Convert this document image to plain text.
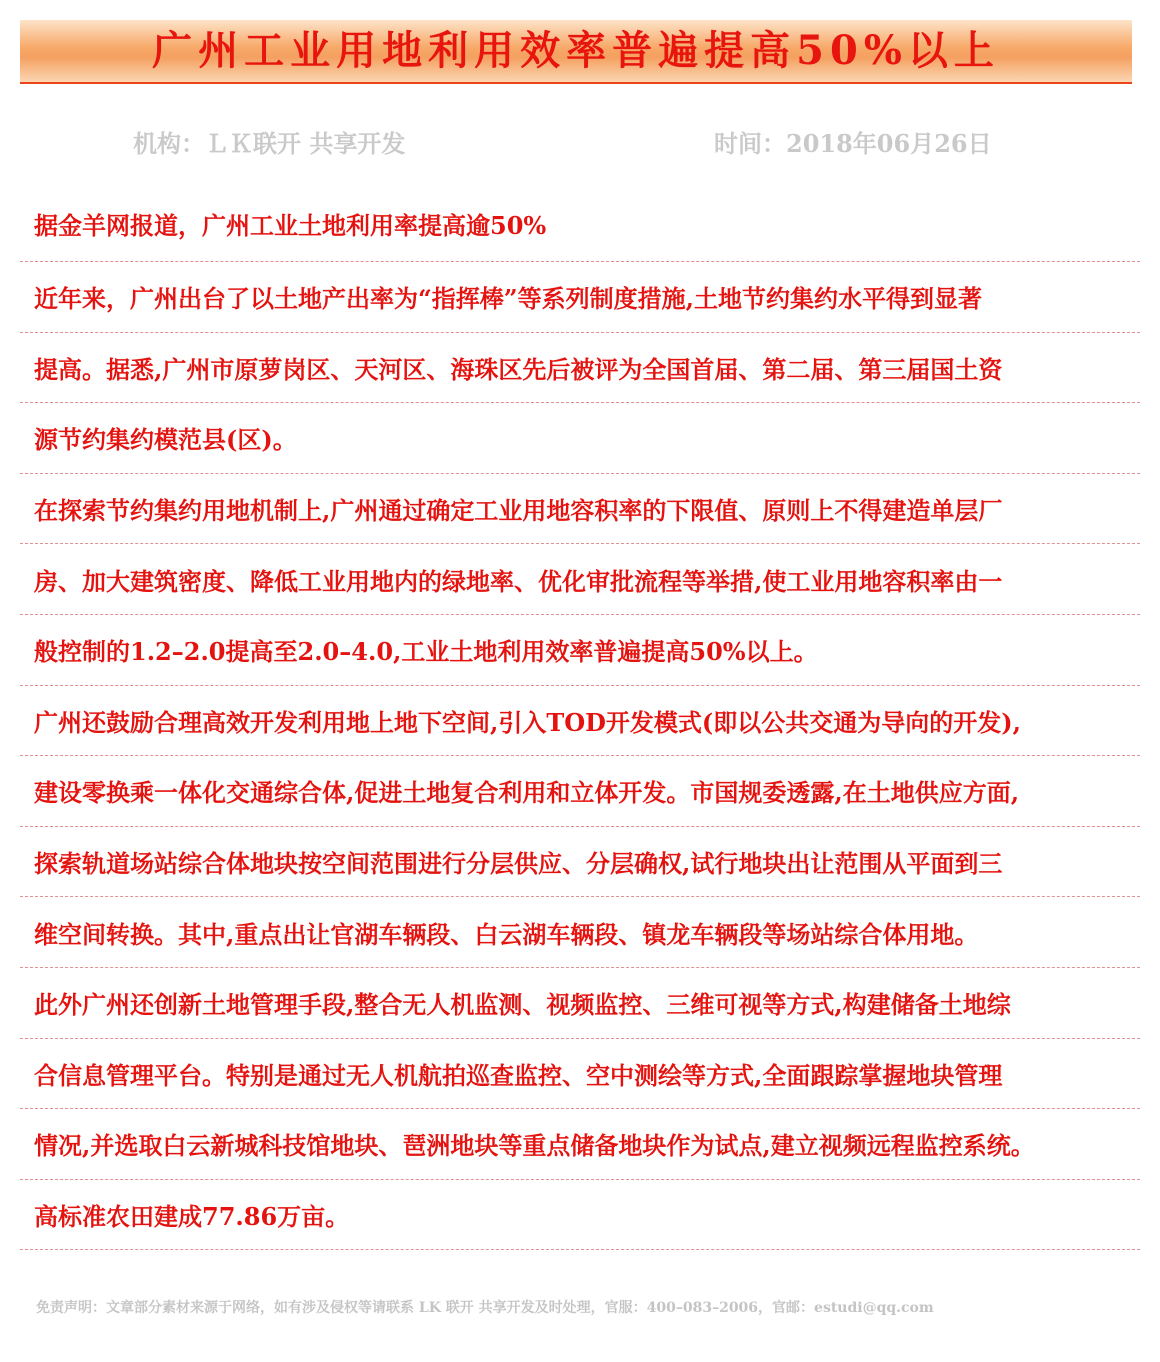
广州工业用地利用效率普遍提高50%以上
机构：ＬＫ联开 共享开发	时间：2018年06月26日
据金羊网报道，广州工业土地利用率提高逾50%
近年来，广州出台了以土地产出率为“指挥棒”等系列制度措施,土地节约集约水平得到显著
提高。据悉,广州市原萝岗区、天河区、海珠区先后被评为全国首届、第二届、第三届国土资
源节约集约模范县(区)。
在探索节约集约用地机制上,广州通过确定工业用地容积率的下限值、原则上不得建造单层厂
房、加大建筑密度、降低工业用地内的绿地率、优化审批流程等举措,使工业用地容积率由一
般控制的1.2–2.0提高至2.0–4.0,工业土地利用效率普遍提高50%以上。
广州还鼓励合理高效开发利用地上地下空间,引入TOD开发模式(即以公共交通为导向的开发),
建设零换乘一体化交通综合体,促进土地复合利用和立体开发。市国规委透露,在土地供应方面,
探索轨道场站综合体地块按空间范围进行分层供应、分层确权,试行地块出让范围从平面到三
维空间转换。其中,重点出让官湖车辆段、白云湖车辆段、镇龙车辆段等场站综合体用地。
此外广州还创新土地管理手段,整合无人机监测、视频监控、三维可视等方式,构建储备土地综
合信息管理平台。特别是通过无人机航拍巡查监控、空中测绘等方式,全面跟踪掌握地块管理
情况,并选取白云新城科技馆地块、琶洲地块等重点储备地块作为试点,建立视频远程监控系统。
高标准农田建成77.86万亩。
免责声明：文章部分素材来源于网络，如有涉及侵权等请联系 LK 联开 共享开发及时处理，官服：400–083–2006，官邮：estudi@qq.com
